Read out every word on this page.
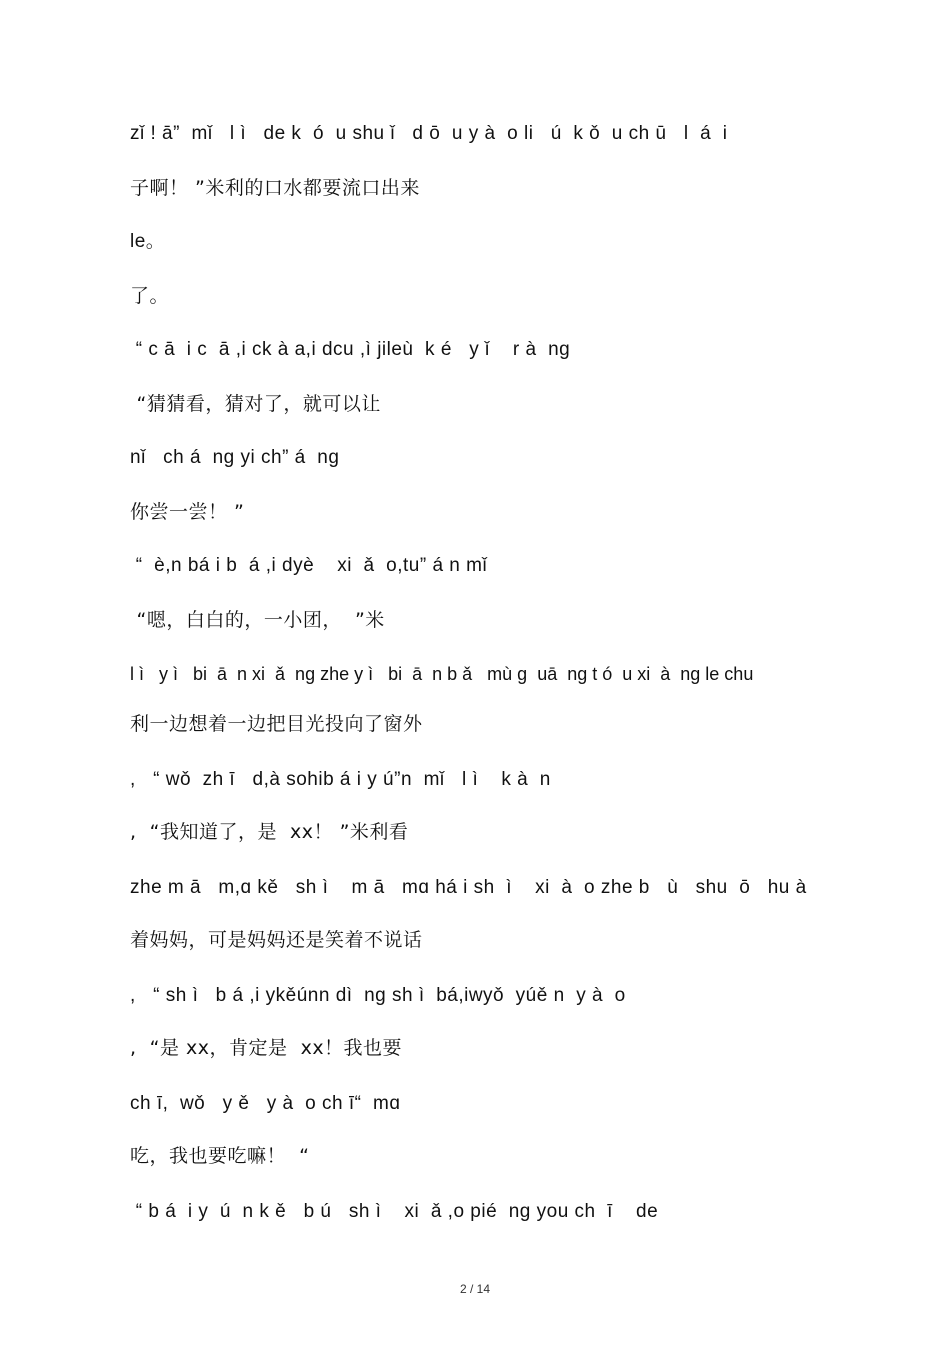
zǐ ! ā”  mǐ   l ì   de k  ó  u shu ǐ   d ō  u y à  o li   ú  k ǒ  u ch ū   l  á  i
子啊！ ”米利的口水都要流口出来
le。
了。
“ c ā  i c  ā ,i ck à a,i dcu ,ì jileù  k é   y ǐ    r à  ng
“猜猜看，猜对了，就可以让
nǐ   ch á  ng yi ch” á  ng
你尝一尝！ ”
“  è,n bá i b  á ,i dyè    xi  ǎ  o,tu” á n mǐ
“嗯，白白的，一小团，  ”米
l ì   y ì   bi  ā  n xi  ǎ  ng zhe y ì   bi  ā  n b ǎ   mù g  uā  ng t ó  u xi  à  ng le chu
利一边想着一边把目光投向了窗外
,   “ wǒ  zh ī   d,à sohib á i y ú”n  mǐ   l ì    k à  n
,  “我知道了，是  xx！ ”米利看
zhe m ā   m,ɑ kě   sh ì    m ā   mɑ há i sh  ì    xi  à  o zhe b   ù   shu  ō   hu à
着妈妈，可是妈妈还是笑着不说话
,   “ sh ì   b á ,i ykěúnn dì  ng sh ì  bá,iwyǒ  yúě n  y à  o
,  “是 xx，肯定是  xx！我也要
ch ī,  wǒ   y ě   y à  o ch ī“  mɑ
吃，我也要吃嘛！  “
“ b á  i y  ú  n k ě   b ú   sh ì    xi  ǎ ,o pié  ng you ch  ī    de
2 / 14
